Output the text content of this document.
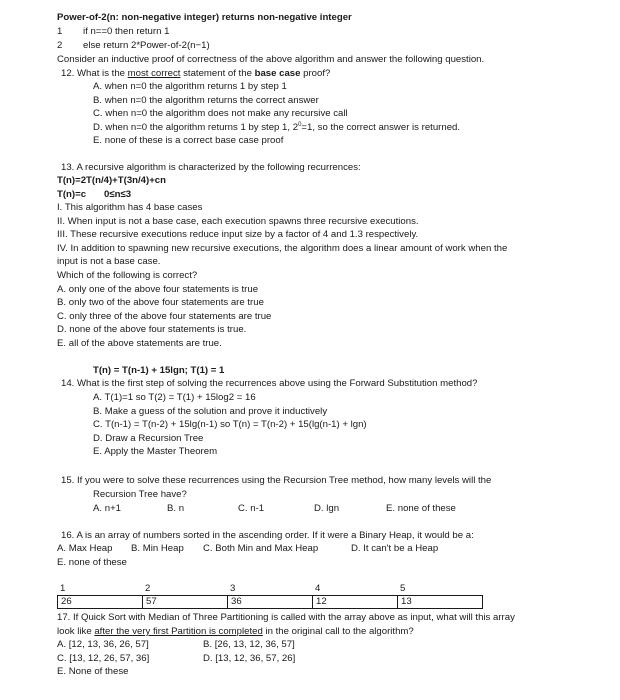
Power-of-2(n: non-negative integer) returns non-negative integer
1 if n==0 then return 1
2 else return 2*Power-of-2(n−1)
Consider an inductive proof of correctness of the above algorithm and answer the following question.
12. What is the most correct statement of the base case proof?
A. when n=0 the algorithm returns 1 by step 1
B. when n=0 the algorithm returns the correct answer
C. when n=0 the algorithm does not make any recursive call
D. when n=0 the algorithm returns 1 by step 1, $2^0=1$, so the correct answer is returned.
E. none of these is a correct base case proof
13. A recursive algorithm is characterized by the following recurrences:
T(n)=2T(n/4)+T(3n/4)+cn
T(n)=c 0≤n≤3
I. This algorithm has 4 base cases
II. When input is not a base case, each execution spawns three recursive executions.
III. These recursive executions reduce input size by a factor of 4 and 1.3 respectively.
IV. In addition to spawning new recursive executions, the algorithm does a linear amount of work when the
input is not a base case.
Which of the following is correct?
A. only one of the above four statements is true
B. only two of the above four statements are true
C. only three of the above four statements are true
D. none of the above four statements is true.
E. all of the above statements are true.
T(n) = T(n-1) + 15lgn; T(1) = 1
14. What is the first step of solving the recurrences above using the Forward Substitution method?
A. T(1)=1 so T(2) = T(1) + 15log2 = 16
B. Make a guess of the solution and prove it inductively
C. T(n-1) = T(n-2) + 15lg(n-1) so T(n) = T(n-2) + 15(lg(n-1) + lgn)
D. Draw a Recursion Tree
E. Apply the Master Theorem
15. If you were to solve these recurrences using the Recursion Tree method, how many levels will the
Recursion Tree have?
A. n+1	B. n	C. n-1	D. lgn	E. none of these
16. A is an array of numbers sorted in the ascending order. If it were a Binary Heap, it would be a:
A. Max Heap B. Min Heap C. Both Min and Max Heap	D. It can't be a Heap
E. none of these
1	2	3	4	5
26	57	36	12	13
17. If Quick Sort with Median of Three Partitioning is called with the array above as input, what will this array
look like after the very first Partition is completed in the original call to the algorithm?
A. [12, 13, 36, 26, 57]	B. [26, 13, 12, 36, 57]
C. [13, 12, 26, 57, 36]	D. [13, 12, 36, 57, 26]
E. None of these
